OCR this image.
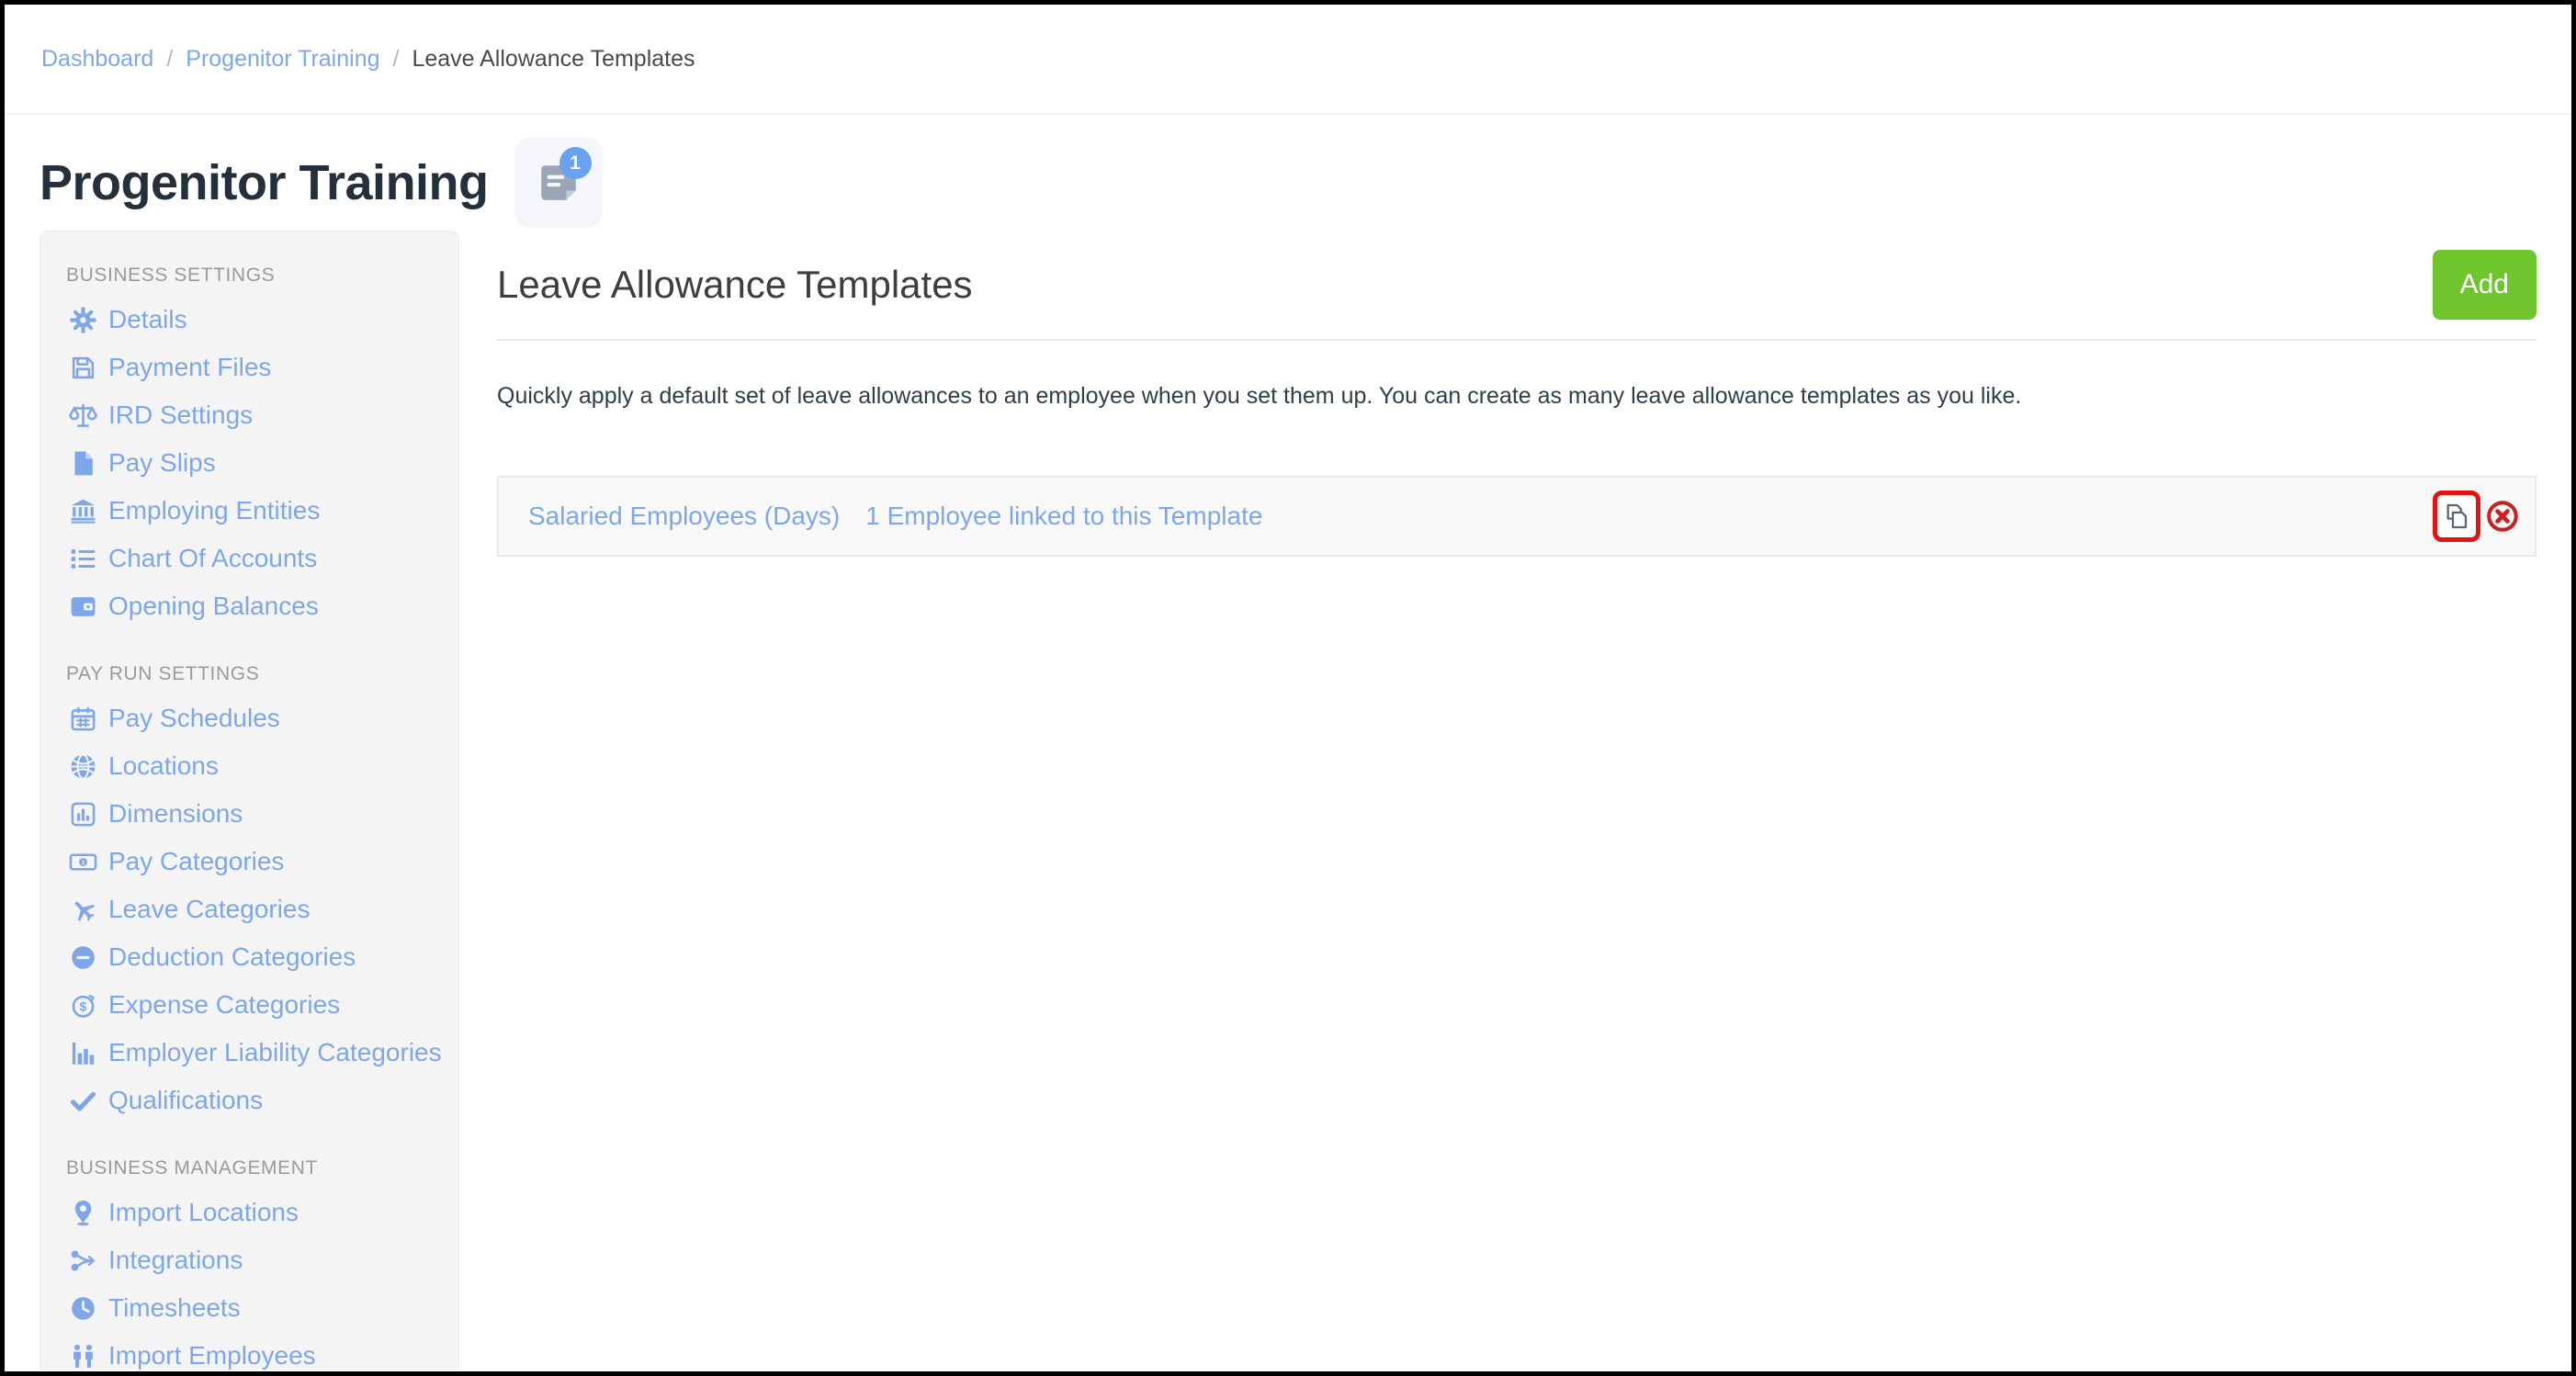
Dashboard / Progenitor Training / Leave Allowance Templates
Progenitor Training	1
BUSINESS SETTINGS
Details
Payment Files
IRD Settings
Pay Slips
Employing Entities
Chart Of Accounts
Opening Balances
PAY RUN SETTINGS
Pay Schedules
Locations
Dimensions
1 Pay Categories
Leave Categories
Deduction Categories
$ Expense Categories
Employer Liability Categories
Qualifications
BUSINESS MANAGEMENT
Import Locations
Integrations
Timesheets
Import Employees
Leave Allowance Templates	Add

Quickly apply a default set of leave allowances to an employee when you set them up. You can create as many leave allowance templates as you like.

Salaried Employees (Days) 1 Employee linked to this Template
